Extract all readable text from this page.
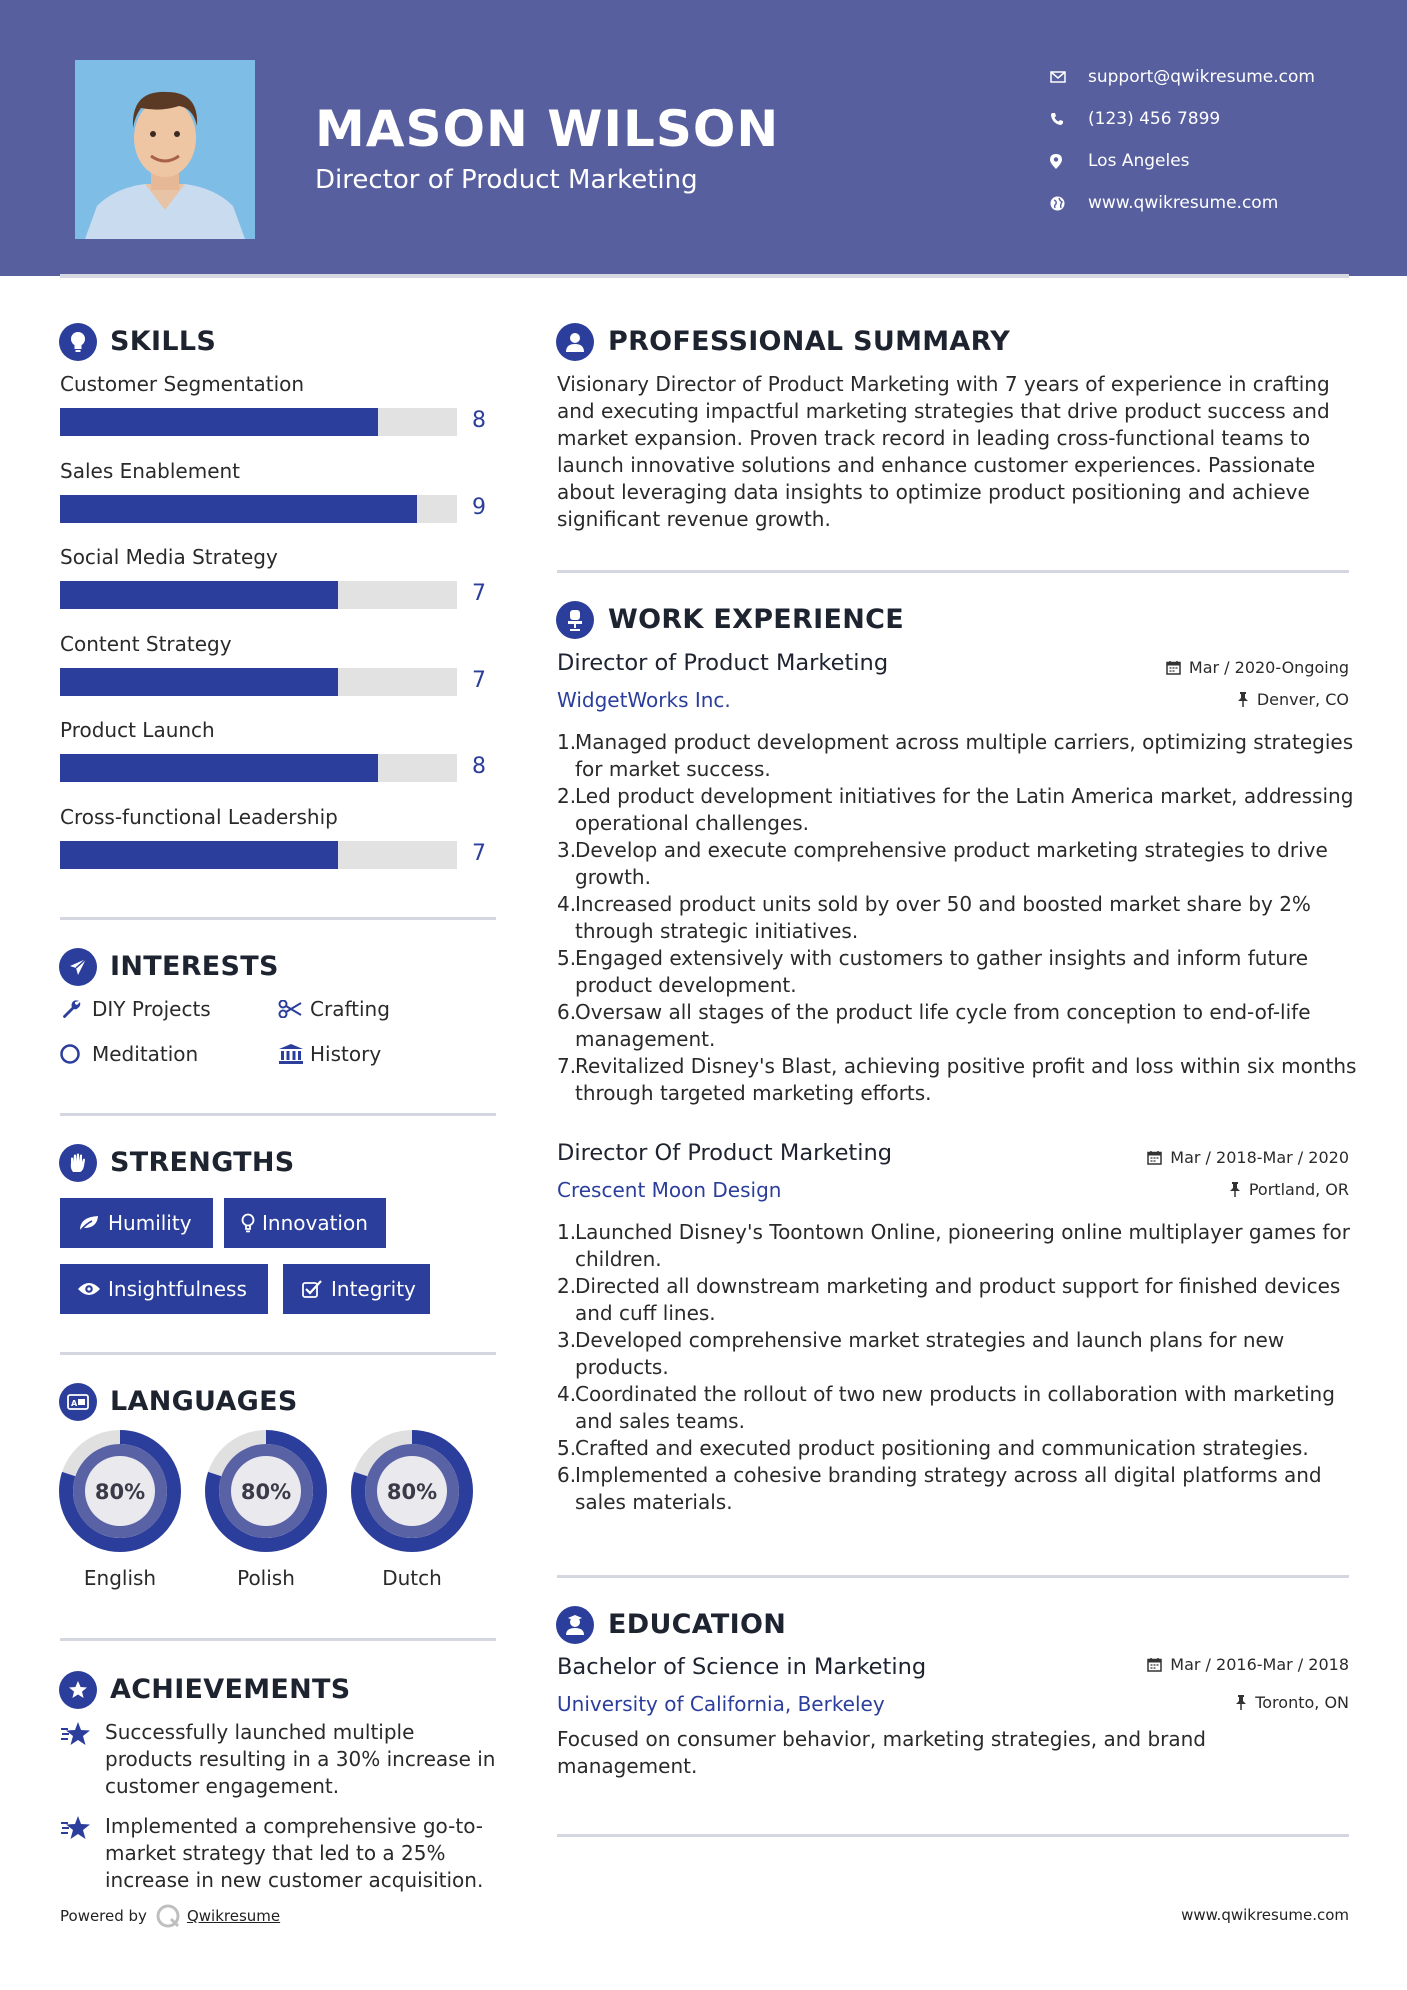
MASON WILSON
Director of Product Marketing
support@qwikresume.com
(123) 456 7899
Los Angeles
www.qwikresume.com
SKILLS
Customer Segmentation
8
Sales Enablement
9
Social Media Strategy
7
Content Strategy
7
Product Launch
8
Cross-functional Leadership
7
INTERESTS
DIY Projects	Crafting
Meditation	History
STRENGTHS
Humility	Innovation
Insightfulness	Integrity
A LANGUAGES
80%
English
80%
Polish
80%
Dutch
ACHIEVEMENTS
Successfully launched multiple products resulting in a 30% increase in customer engagement.
Implemented a comprehensive go-to-market strategy that led to a 25% increase in new customer acquisition.
PROFESSIONAL SUMMARY
Visionary Director of Product Marketing with 7 years of experience in crafting and executing impactful marketing strategies that drive product success and market expansion. Proven track record in leading cross-functional teams to launch innovative solutions and enhance customer experiences. Passionate about leveraging data insights to optimize product positioning and achieve significant revenue growth.
WORK EXPERIENCE
Director of Product Marketing
WidgetWorks Inc.
Mar / 2020-Ongoing
Denver, CO
1.
Managed product development across multiple carriers, optimizing strategies for market success.
2.
Led product development initiatives for the Latin America market, addressing operational challenges.
3.
Develop and execute comprehensive product marketing strategies to drive growth.
4.
Increased product units sold by over 50 and boosted market share by 2% through strategic initiatives.
5.
Engaged extensively with customers to gather insights and inform future product development.
6.
Oversaw all stages of the product life cycle from conception to end-of-life management.
7.
Revitalized Disney's Blast, achieving positive profit and loss within six months through targeted marketing efforts.
Director Of Product Marketing
Crescent Moon Design
Mar / 2018-Mar / 2020
Portland, OR
1.
Launched Disney's Toontown Online, pioneering online multiplayer games for children.
2.
Directed all downstream marketing and product support for finished devices and cuff lines.
3.
Developed comprehensive market strategies and launch plans for new products.
4.
Coordinated the rollout of two new products in collaboration with marketing and sales teams.
5.
Crafted and executed product positioning and communication strategies.
6.
Implemented a cohesive branding strategy across all digital platforms and sales materials.
EDUCATION
Bachelor of Science in Marketing
University of California, Berkeley
Mar / 2016-Mar / 2018
Toronto, ON
Focused on consumer behavior, marketing strategies, and brand management.
Powered by	Qwikresume	www.qwikresume.com
